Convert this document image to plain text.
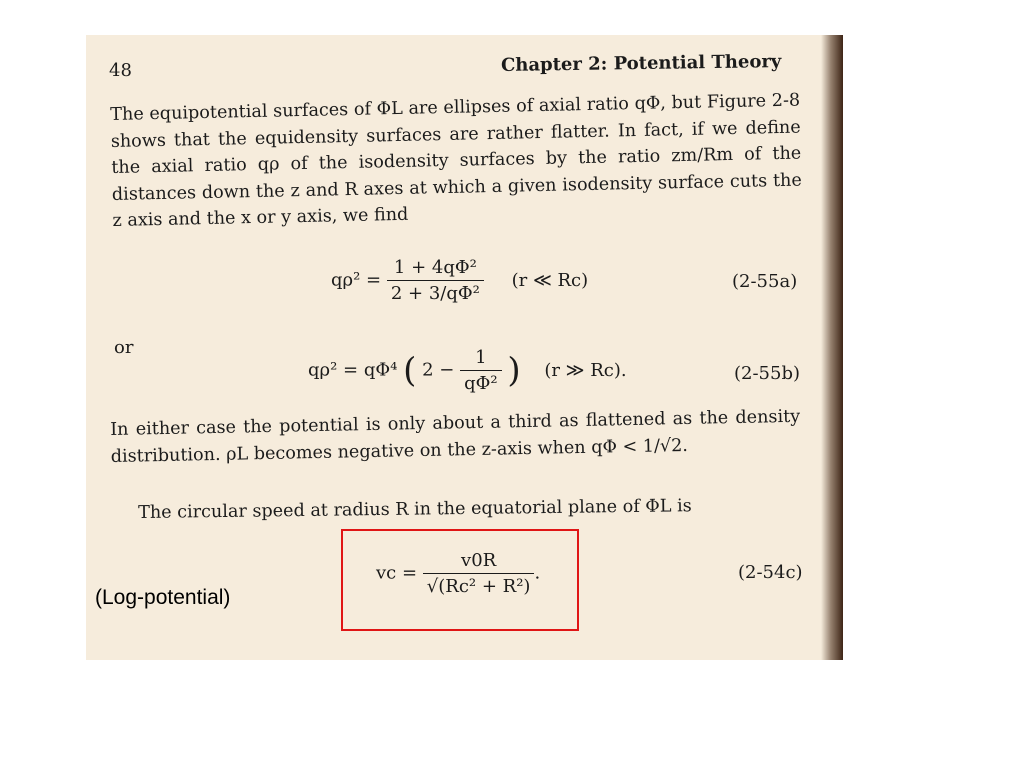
48	Chapter 2: Potential Theory
The equipotential surfaces of ΦL are ellipses of axial ratio qΦ, but Figure 2-8 shows that the equidensity surfaces are rather flatter. In fact, if we define the axial ratio qρ of the isodensity surfaces by the ratio zm/Rm of the distances down the z and R axes at which a given isodensity surface cuts the z axis and the x or y axis, we find
$q\rho^2 = \frac{\text{1 + 4qΦ²}}{\text{2 + 3/qΦ²}} (r$ ≪ Rc)	(2-55a)
or
qρ² = qΦ⁴ ( $2 - \frac{1}{\text{qΦ²}}$ ) (r ≫ Rc).	(2-55b)
In either case the potential is only about a third as flattened as the density distribution. ρL becomes negative on the z-axis when qΦ < 1/√2.
The circular speed at radius R in the equatorial plane of ΦL is
vc = $\frac{v0R}{\text{√(Rc² + R²)}}$ .	(2-54c)
(Log-potential)
